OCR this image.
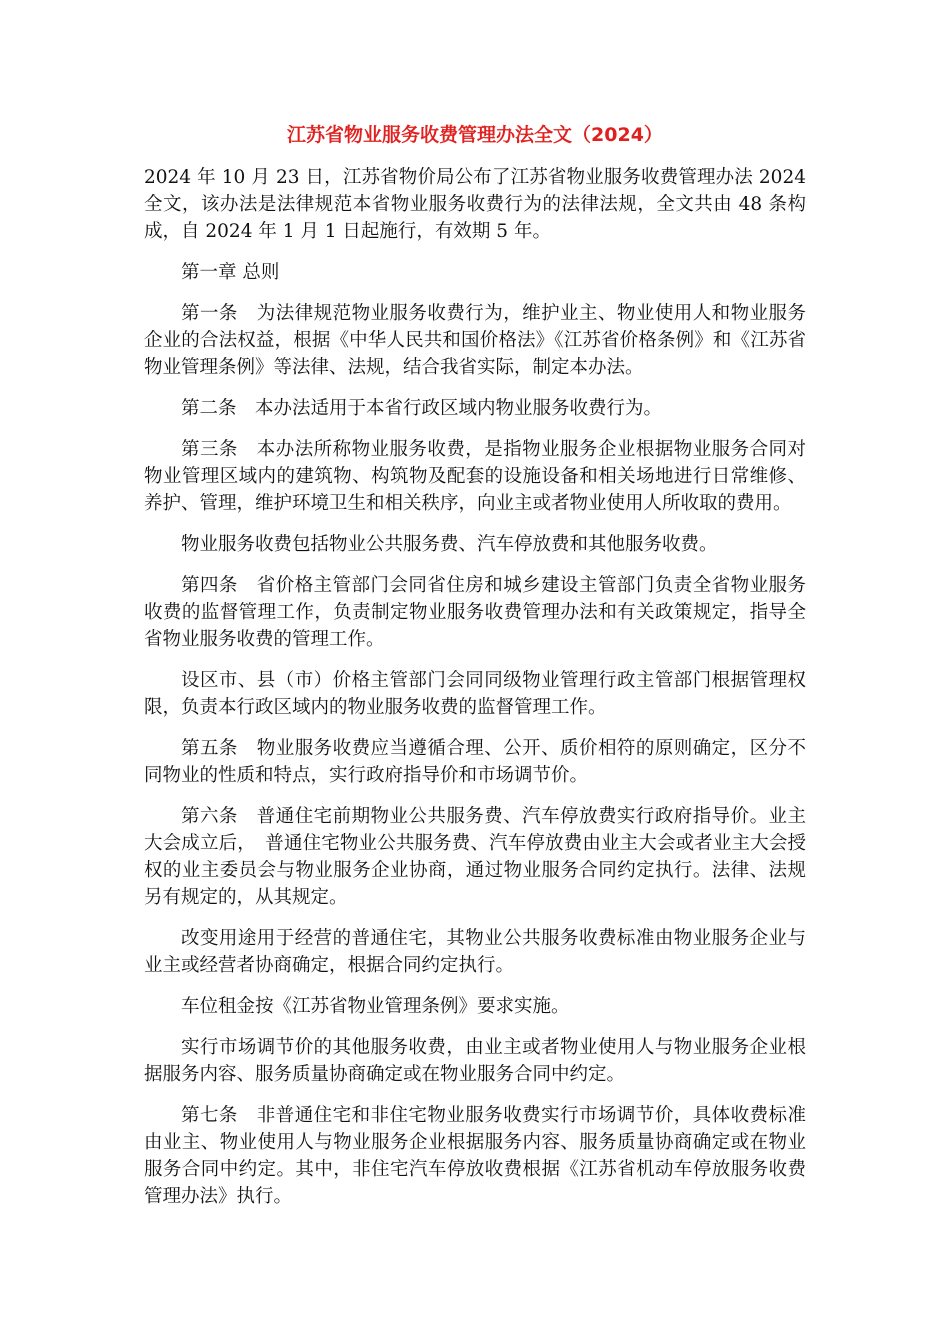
江苏省物业服务收费管理办法全文（2024）

2024 年 10 月 23 日，江苏省物价局公布了江苏省物业服务收费管理办法 2024 全文，该办法是法律规范本省物业服务收费行为的法律法规，全文共由 48 条构成，自 2024 年 1 月 1 日起施行，有效期 5 年。

第一章 总则

第一条　为法律规范物业服务收费行为，维护业主、物业使用人和物业服务企业的合法权益，根据《中华人民共和国价格法》《江苏省价格条例》和《江苏省物业管理条例》等法律、法规，结合我省实际，制定本办法。

第二条　本办法适用于本省行政区域内物业服务收费行为。

第三条　本办法所称物业服务收费，是指物业服务企业根据物业服务合同对物业管理区域内的建筑物、构筑物及配套的设施设备和相关场地进行日常维修、养护、管理，维护环境卫生和相关秩序，向业主或者物业使用人所收取的费用。

物业服务收费包括物业公共服务费、汽车停放费和其他服务收费。

第四条　省价格主管部门会同省住房和城乡建设主管部门负责全省物业服务收费的监督管理工作，负责制定物业服务收费管理办法和有关政策规定，指导全省物业服务收费的管理工作。

设区市、县（市）价格主管部门会同同级物业管理行政主管部门根据管理权限，负责本行政区域内的物业服务收费的监督管理工作。

第五条　物业服务收费应当遵循合理、公开、质价相符的原则确定，区分不同物业的性质和特点，实行政府指导价和市场调节价。

第六条　普通住宅前期物业公共服务费、汽车停放费实行政府指导价。业主大会成立后，　普通住宅物业公共服务费、汽车停放费由业主大会或者业主大会授权的业主委员会与物业服务企业协商，通过物业服务合同约定执行。法律、法规另有规定的，从其规定。

改变用途用于经营的普通住宅，其物业公共服务收费标准由物业服务企业与业主或经营者协商确定，根据合同约定执行。

车位租金按《江苏省物业管理条例》要求实施。

实行市场调节价的其他服务收费，由业主或者物业使用人与物业服务企业根据服务内容、服务质量协商确定或在物业服务合同中约定。

第七条　非普通住宅和非住宅物业服务收费实行市场调节价，具体收费标准由业主、物业使用人与物业服务企业根据服务内容、服务质量协商确定或在物业服务合同中约定。其中，非住宅汽车停放收费根据《江苏省机动车停放服务收费管理办法》执行。
